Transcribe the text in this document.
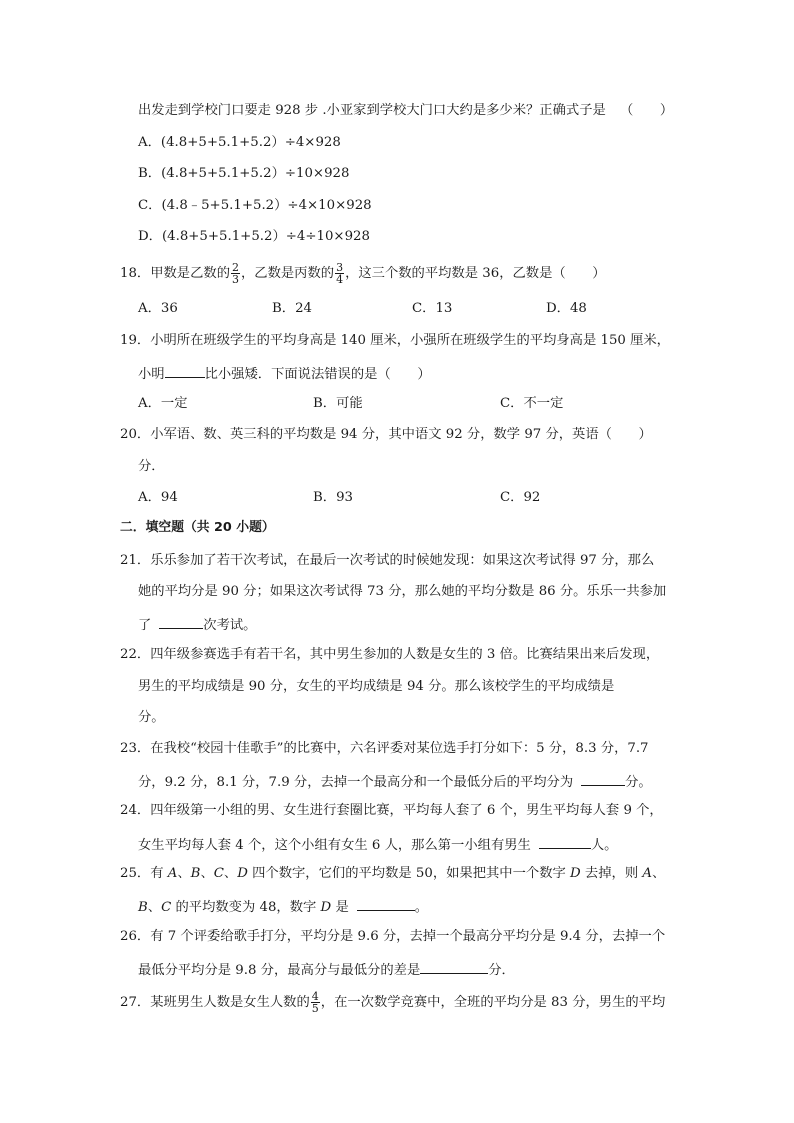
出发走到学校门口要走 928 步 .小亚家到学校大门口大约是多少米？正确式子是 （　　）
A．(4.8+5+5.1+5.2）÷4×928
B．(4.8+5+5.1+5.2）÷10×928
C．(4.8﹣5+5.1+5.2）÷4×10×928
D．(4.8+5+5.1+5.2）÷4÷10×928
18．甲数是乙数的 $\frac{2}{3}$ ，乙数是丙数的 $\frac{3}{4}$ ，这三个数的平均数是 36，乙数是（　　）
A．36	B．24	C．13	D．48
19．小明所在班级学生的平均身高是 140 厘米，小强所在班级学生的平均身高是 150 厘米，
小明	比小强矮．下面说法错误的是（　　）
A．一定	B．可能	C．不一定
20．小军语、数、英三科的平均数是 94 分，其中语文 92 分，数学 97 分，英语（　　）
分．
A．94	B．93	C．92
二．填空题（共 20 小题）
21．乐乐参加了若干次考试，在最后一次考试的时候她发现：如果这次考试得 97 分，那么
她的平均分是 90 分；如果这次考试得 73 分，那么她的平均分数是 86 分。乐乐一共参加
了	次考试。
22．四年级参赛选手有若干名，其中男生参加的人数是女生的 3 倍。比赛结果出来后发现，
男生的平均成绩是 90 分，女生的平均成绩是 94 分。那么该校学生的平均成绩是
分。
23．在我校“校园十佳歌手”的比赛中，六名评委对某位选手打分如下：5 分，8.3 分，7.7
分，9.2 分，8.1 分，7.9 分，去掉一个最高分和一个最低分后的平均分为	分。
24．四年级第一小组的男、女生进行套圈比赛，平均每人套了 6 个，男生平均每人套 9 个，
女生平均每人套 4 个，这个小组有女生 6 人，那么第一小组有男生	人。
25．有 A、B、C、D 四个数字，它们的平均数是 50，如果把其中一个数字 D 去掉，则 A、
B、C 的平均数变为 48，数字 D 是	。
26．有 7 个评委给歌手打分，平均分是 9.6 分，去掉一个最高分平均分是 9.4 分，去掉一个
最低分平均分是 9.8 分，最高分与最低分的差是	分．
27．某班男生人数是女生人数的 $\frac{4}{5}$ ，在一次数学竞赛中，全班的平均分是 83 分，男生的平均
